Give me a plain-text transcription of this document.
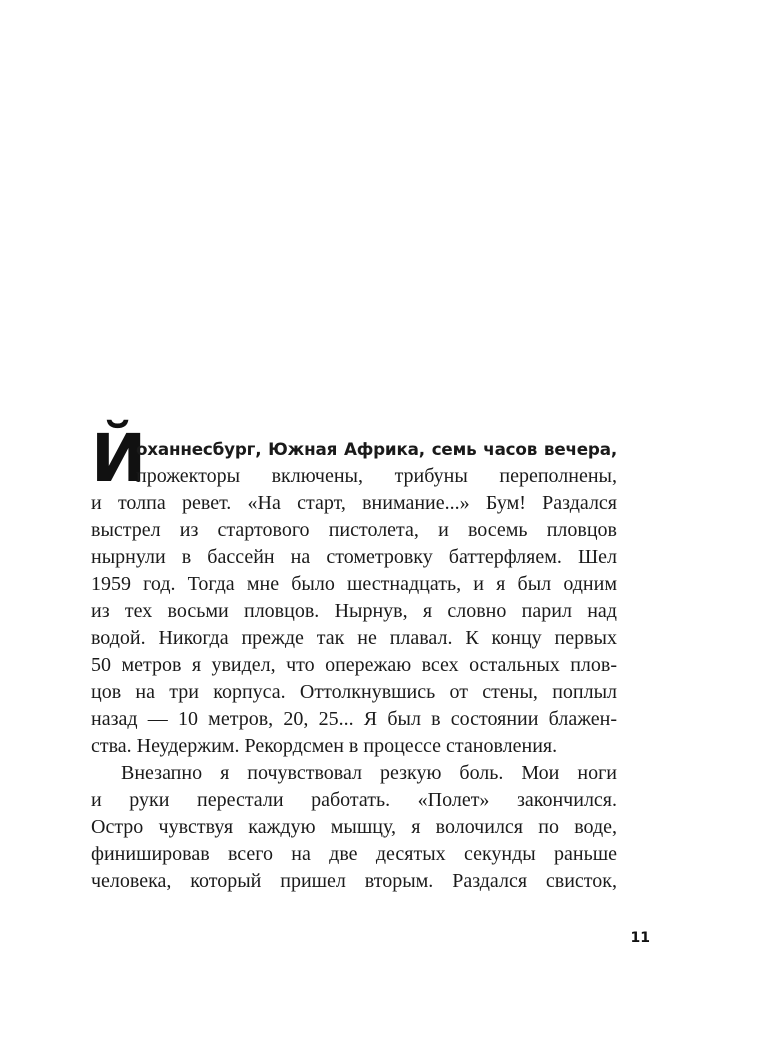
Й
оханнесбург, Южная Африка, семь часов вечера,
прожекторы включены, трибуны переполнены,
и толпа ревет. «На старт, внимание...» Бум! Раздался
выстрел из стартового пистолета, и восемь пловцов
нырнули в бассейн на стометровку баттерфляем. Шел
1959 год. Тогда мне было шестнадцать, и я был одним
из тех восьми пловцов. Нырнув, я словно парил над
водой. Никогда прежде так не плавал. К концу первых
50 метров я увидел, что опережаю всех остальных плов-
цов на три корпуса. Оттолкнувшись от стены, поплыл
назад — 10 метров, 20, 25... Я был в состоянии блажен-
ства. Неудержим. Рекордсмен в процессе становления.
Внезапно я почувствовал резкую боль. Мои ноги
и руки перестали работать. «Полет» закончился.
Остро чувствуя каждую мышцу, я волочился по воде,
финишировав всего на две десятых секунды раньше
человека, который пришел вторым. Раздался свисток,
11
